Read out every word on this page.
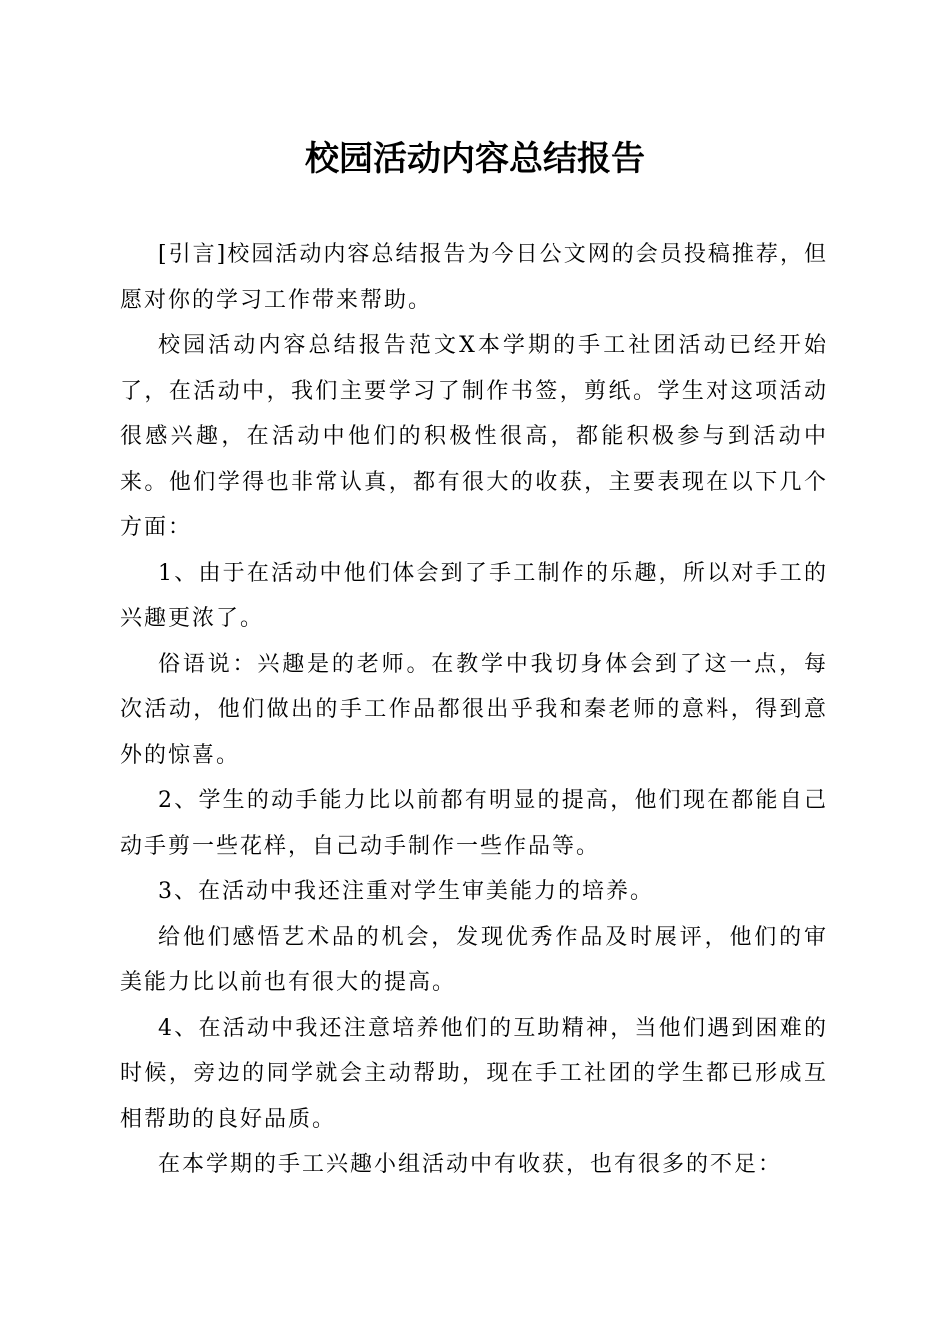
校园活动内容总结报告

[引言]校园活动内容总结报告为今日公文网的会员投稿推荐，但愿对你的学习工作带来帮助。

校园活动内容总结报告范文X本学期的手工社团活动已经开始了，在活动中，我们主要学习了制作书签，剪纸。学生对这项活动很感兴趣，在活动中他们的积极性很高，都能积极参与到活动中来。他们学得也非常认真，都有很大的收获，主要表现在以下几个方面：

1、由于在活动中他们体会到了手工制作的乐趣，所以对手工的兴趣更浓了。

俗语说：兴趣是的老师。在教学中我切身体会到了这一点，每次活动，他们做出的手工作品都很出乎我和秦老师的意料，得到意外的惊喜。

2、学生的动手能力比以前都有明显的提高，他们现在都能自己动手剪一些花样，自己动手制作一些作品等。

3、在活动中我还注重对学生审美能力的培养。

给他们感悟艺术品的机会，发现优秀作品及时展评，他们的审美能力比以前也有很大的提高。

4、在活动中我还注意培养他们的互助精神，当他们遇到困难的时候，旁边的同学就会主动帮助，现在手工社团的学生都已形成互相帮助的良好品质。

在本学期的手工兴趣小组活动中有收获，也有很多的不足：
